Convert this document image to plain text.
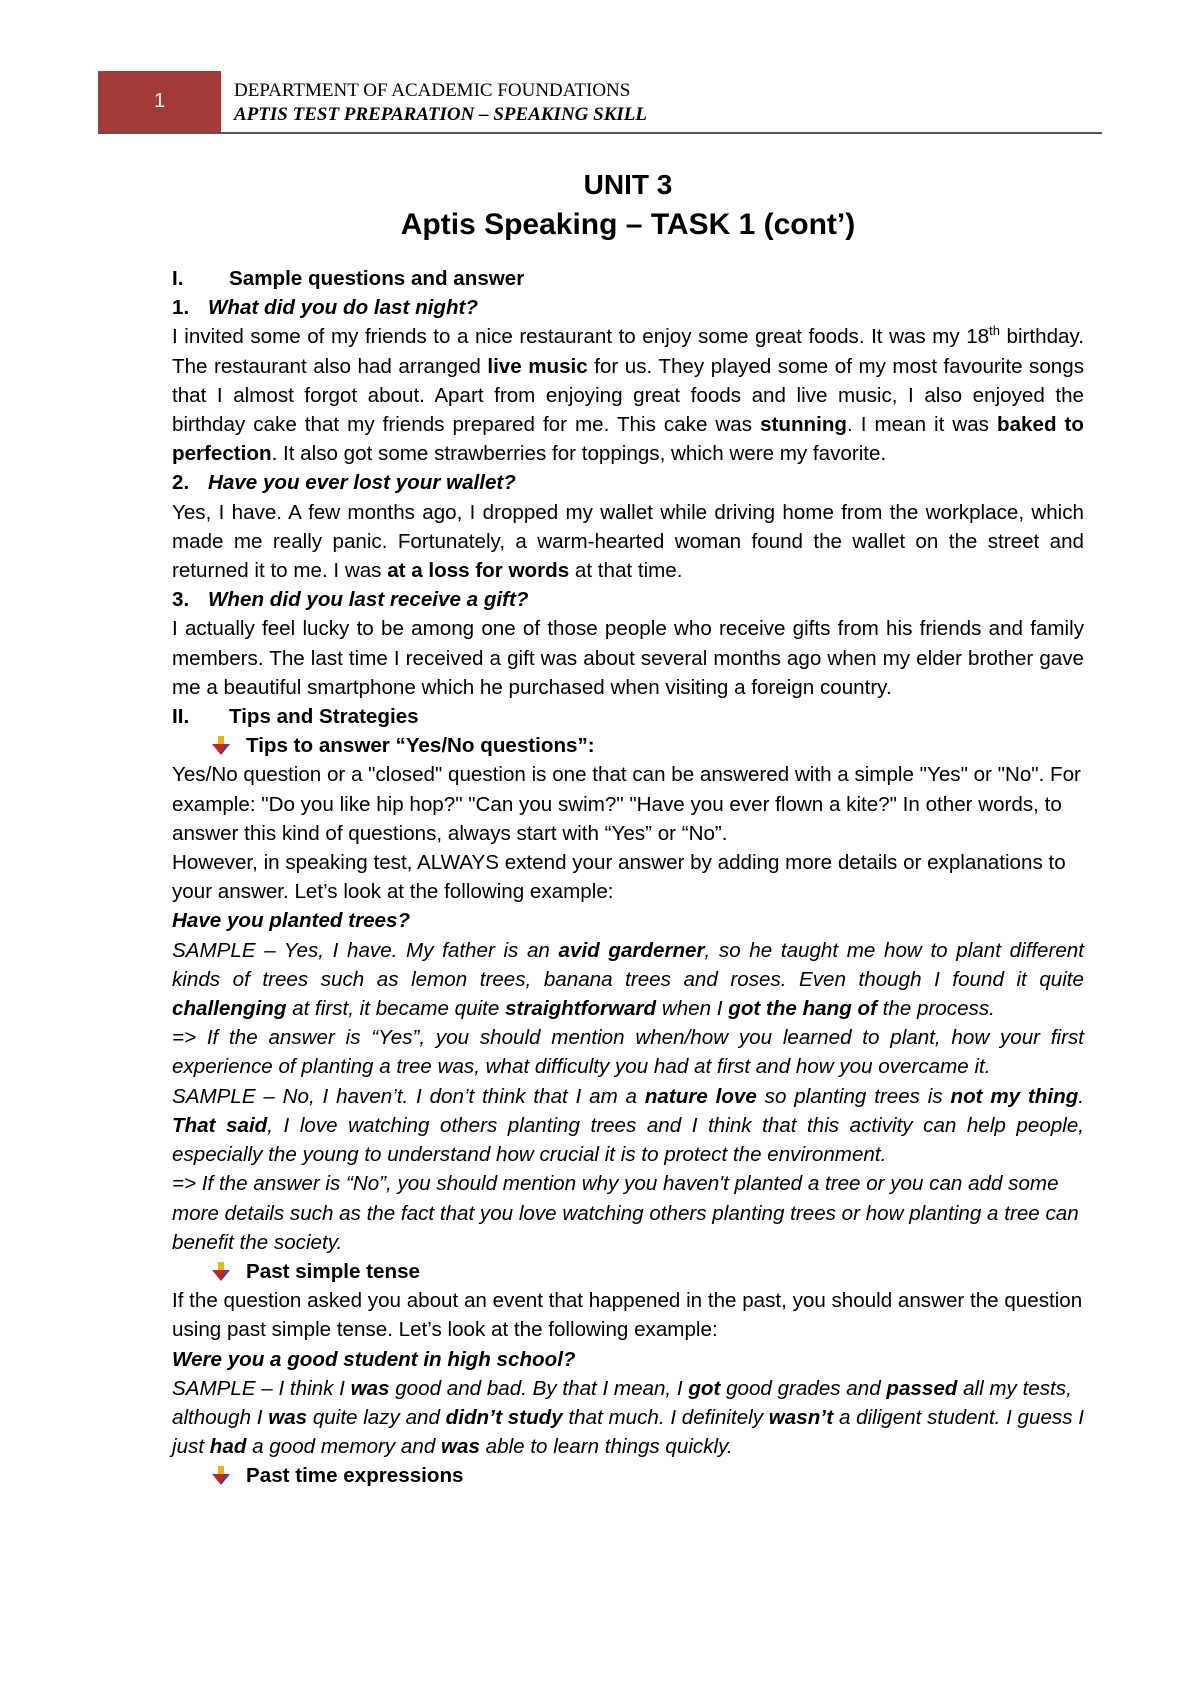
1	DEPARTMENT OF ACADEMIC FOUNDATIONS
APTIS TEST PREPARATION – SPEAKING SKILL

UNIT 3

Aptis Speaking – TASK 1 (cont’)

I.	Sample questions and answer

1. What did you do last night?

I invited some of my friends to a nice restaurant to enjoy some great foods. It was my 18th birthday. The restaurant also had arranged live music for us. They played some of my most favourite songs that I almost forgot about. Apart from enjoying great foods and live music, I also enjoyed the birthday cake that my friends prepared for me. This cake was stunning. I mean it was baked to perfection. It also got some strawberries for toppings, which were my favorite.

2. Have you ever lost your wallet?

Yes, I have. A few months ago, I dropped my wallet while driving home from the workplace, which made me really panic. Fortunately, a warm-hearted woman found the wallet on the street and returned it to me. I was at a loss for words at that time.

3. When did you last receive a gift?

I actually feel lucky to be among one of those people who receive gifts from his friends and family members. The last time I received a gift was about several months ago when my elder brother gave me a beautiful smartphone which he purchased when visiting a foreign country.

II.	Tips and Strategies

Tips to answer “Yes/No questions”:

Yes/No question or a "closed" question is one that can be answered with a simple "Yes" or "No". For example: "Do you like hip hop?" "Can you swim?" "Have you ever flown a kite?" In other words, to answer this kind of questions, always start with “Yes” or “No”.

However, in speaking test, ALWAYS extend your answer by adding more details or explanations to your answer. Let’s look at the following example:

Have you planted trees?

SAMPLE – Yes, I have. My father is an avid garderner, so he taught me how to plant different kinds of trees such as lemon trees, banana trees and roses. Even though I found it quite challenging at first, it became quite straightforward when I got the hang of the process.

=> If the answer is “Yes”, you should mention when/how you learned to plant, how your first experience of planting a tree was, what difficulty you had at first and how you overcame it.

SAMPLE – No, I haven’t. I don’t think that I am a nature love so planting trees is not my thing. That said, I love watching others planting trees and I think that this activity can help people, especially the young to understand how crucial it is to protect the environment.

=> If the answer is “No”, you should mention why you haven't planted a tree or you can add some more details such as the fact that you love watching others planting trees or how planting a tree can benefit the society.

Past simple tense

If the question asked you about an event that happened in the past, you should answer the question using past simple tense. Let’s look at the following example:

Were you a good student in high school?

SAMPLE – I think I was good and bad. By that I mean, I got good grades and passed all my tests, although I was quite lazy and didn’t study that much. I definitely wasn’t a diligent student. I guess I just had a good memory and was able to learn things quickly.

Past time expressions
